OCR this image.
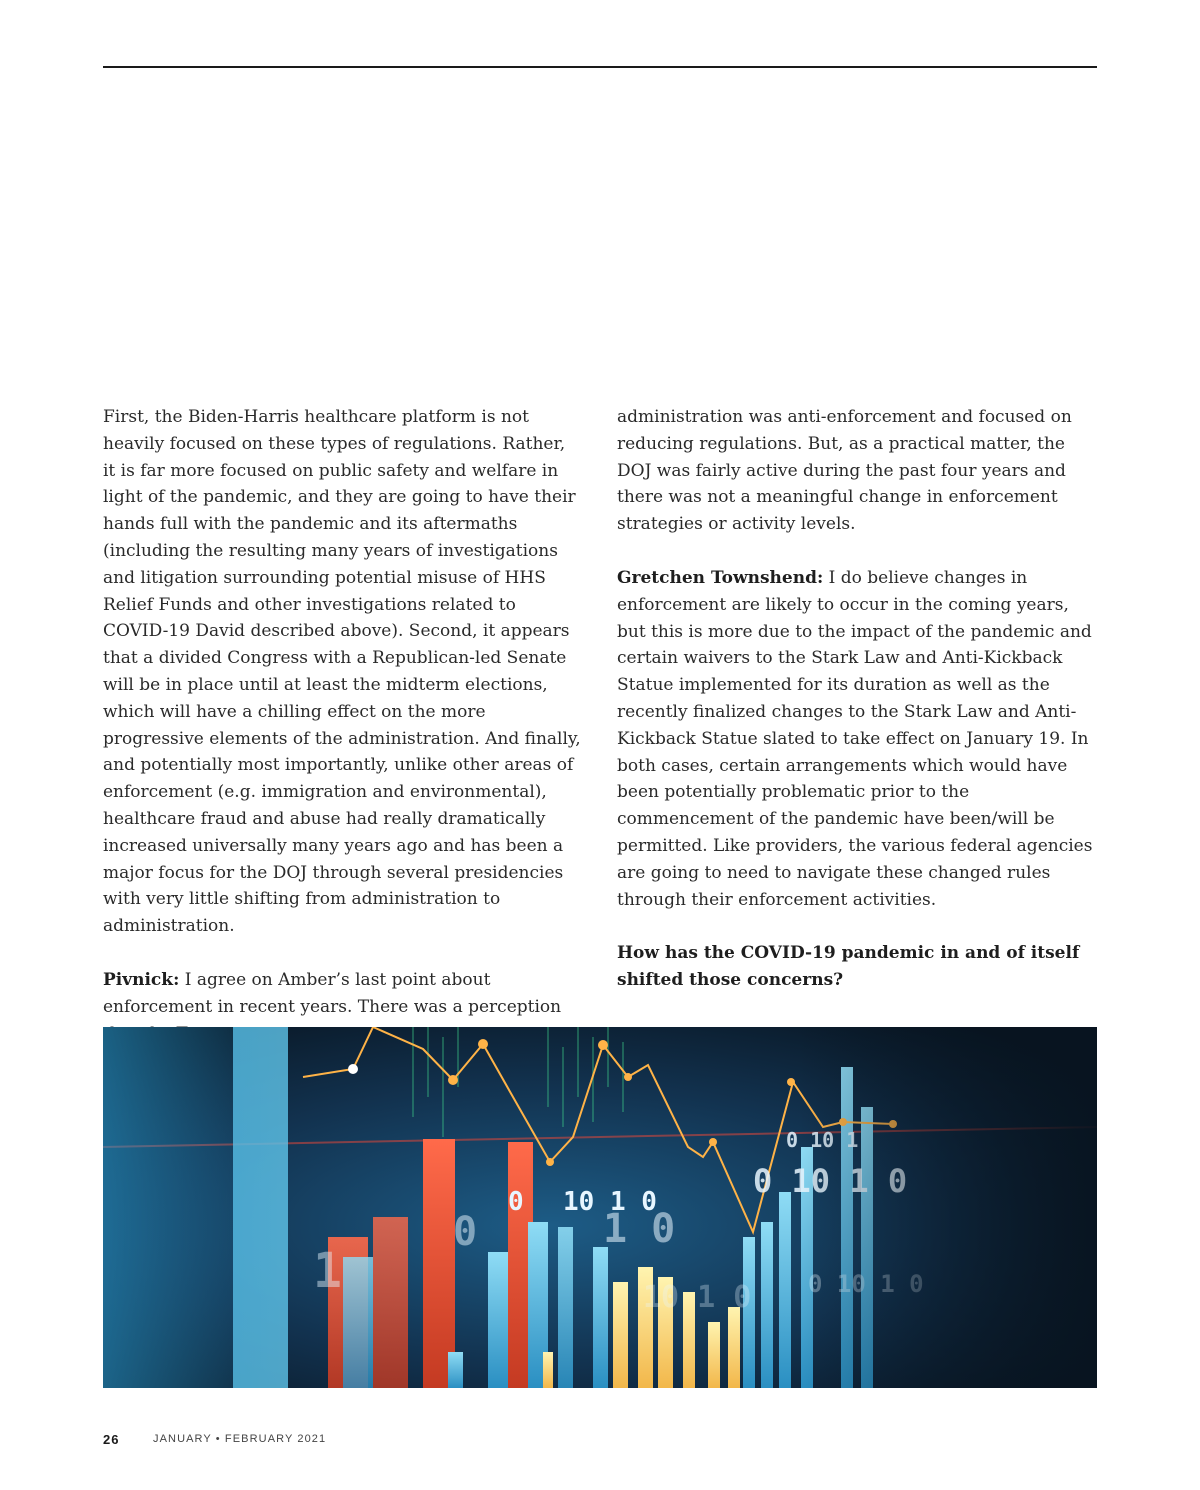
First, the Biden-Harris healthcare platform is not heavily focused on these types of regulations. Rather, it is far more focused on public safety and welfare in light of the pandemic, and they are going to have their hands full with the pandemic and its aftermaths (including the resulting many years of investigations and litigation surrounding potential misuse of HHS Relief Funds and other investigations related to COVID-19 David described above). Second, it appears that a divided Congress with a Republican-led Senate will be in place until at least the midterm elections, which will have a chilling effect on the more progressive elements of the administration. And finally, and potentially most importantly, unlike other areas of enforcement (e.g. immigration and environmental), healthcare fraud and abuse had really dramatically increased universally many years ago and has been a major focus for the DOJ through several presidencies with very little shifting from administration to administration.

Pivnick: I agree on Amber’s last point about enforcement in recent years. There was a perception

administration was anti-enforcement and focused on reducing regulations. But, as a practical matter, the DOJ was fairly active during the past four years and there was not a meaningful change in enforcement strategies or activity levels.

Gretchen Townshend: I do believe changes in enforcement are likely to occur in the coming years, but this is more due to the impact of the pandemic and certain waivers to the Stark Law and Anti-Kickback Statue implemented for its duration as well as the recently finalized changes to the Stark Law and Anti-Kickback Statue slated to take effect on January 19. In both cases, certain arrangements which would have been potentially problematic prior to the commencement of the pandemic have been/will be permitted. Like providers, the various federal agencies are going to need to navigate these changed rules through their enforcement activities.

How has the COVID-19 pandemic in and of itself shifted those concerns?

26	JANUARY • FEBRUARY 2021
